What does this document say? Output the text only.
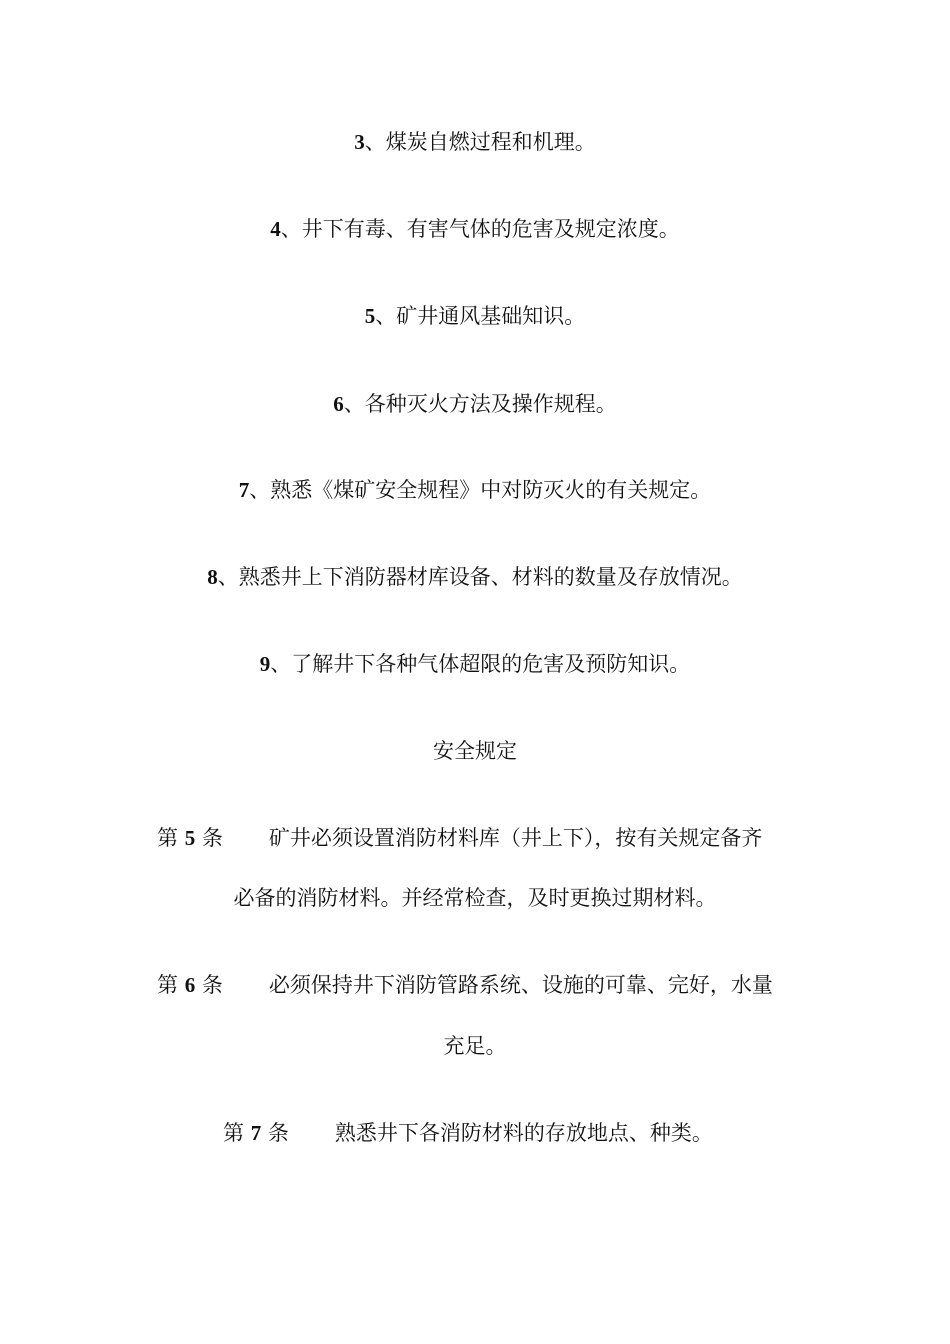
3、煤炭自燃过程和机理。
4、井下有毒、有害气体的危害及规定浓度。
5、矿井通风基础知识。
6、各种灭火方法及操作规程。
7、熟悉《煤矿安全规程》中对防灭火的有关规定。
8、熟悉井上下消防器材库设备、材料的数量及存放情况。
9、了解井下各种气体超限的危害及预防知识。
安全规定
第 5 条 矿井必须设置消防材料库（井上下），按有关规定备齐
必备的消防材料。并经常检查，及时更换过期材料。
第 6 条 必须保持井下消防管路系统、设施的可靠、完好，水量
充足。
第 7 条 熟悉井下各消防材料的存放地点、种类。
